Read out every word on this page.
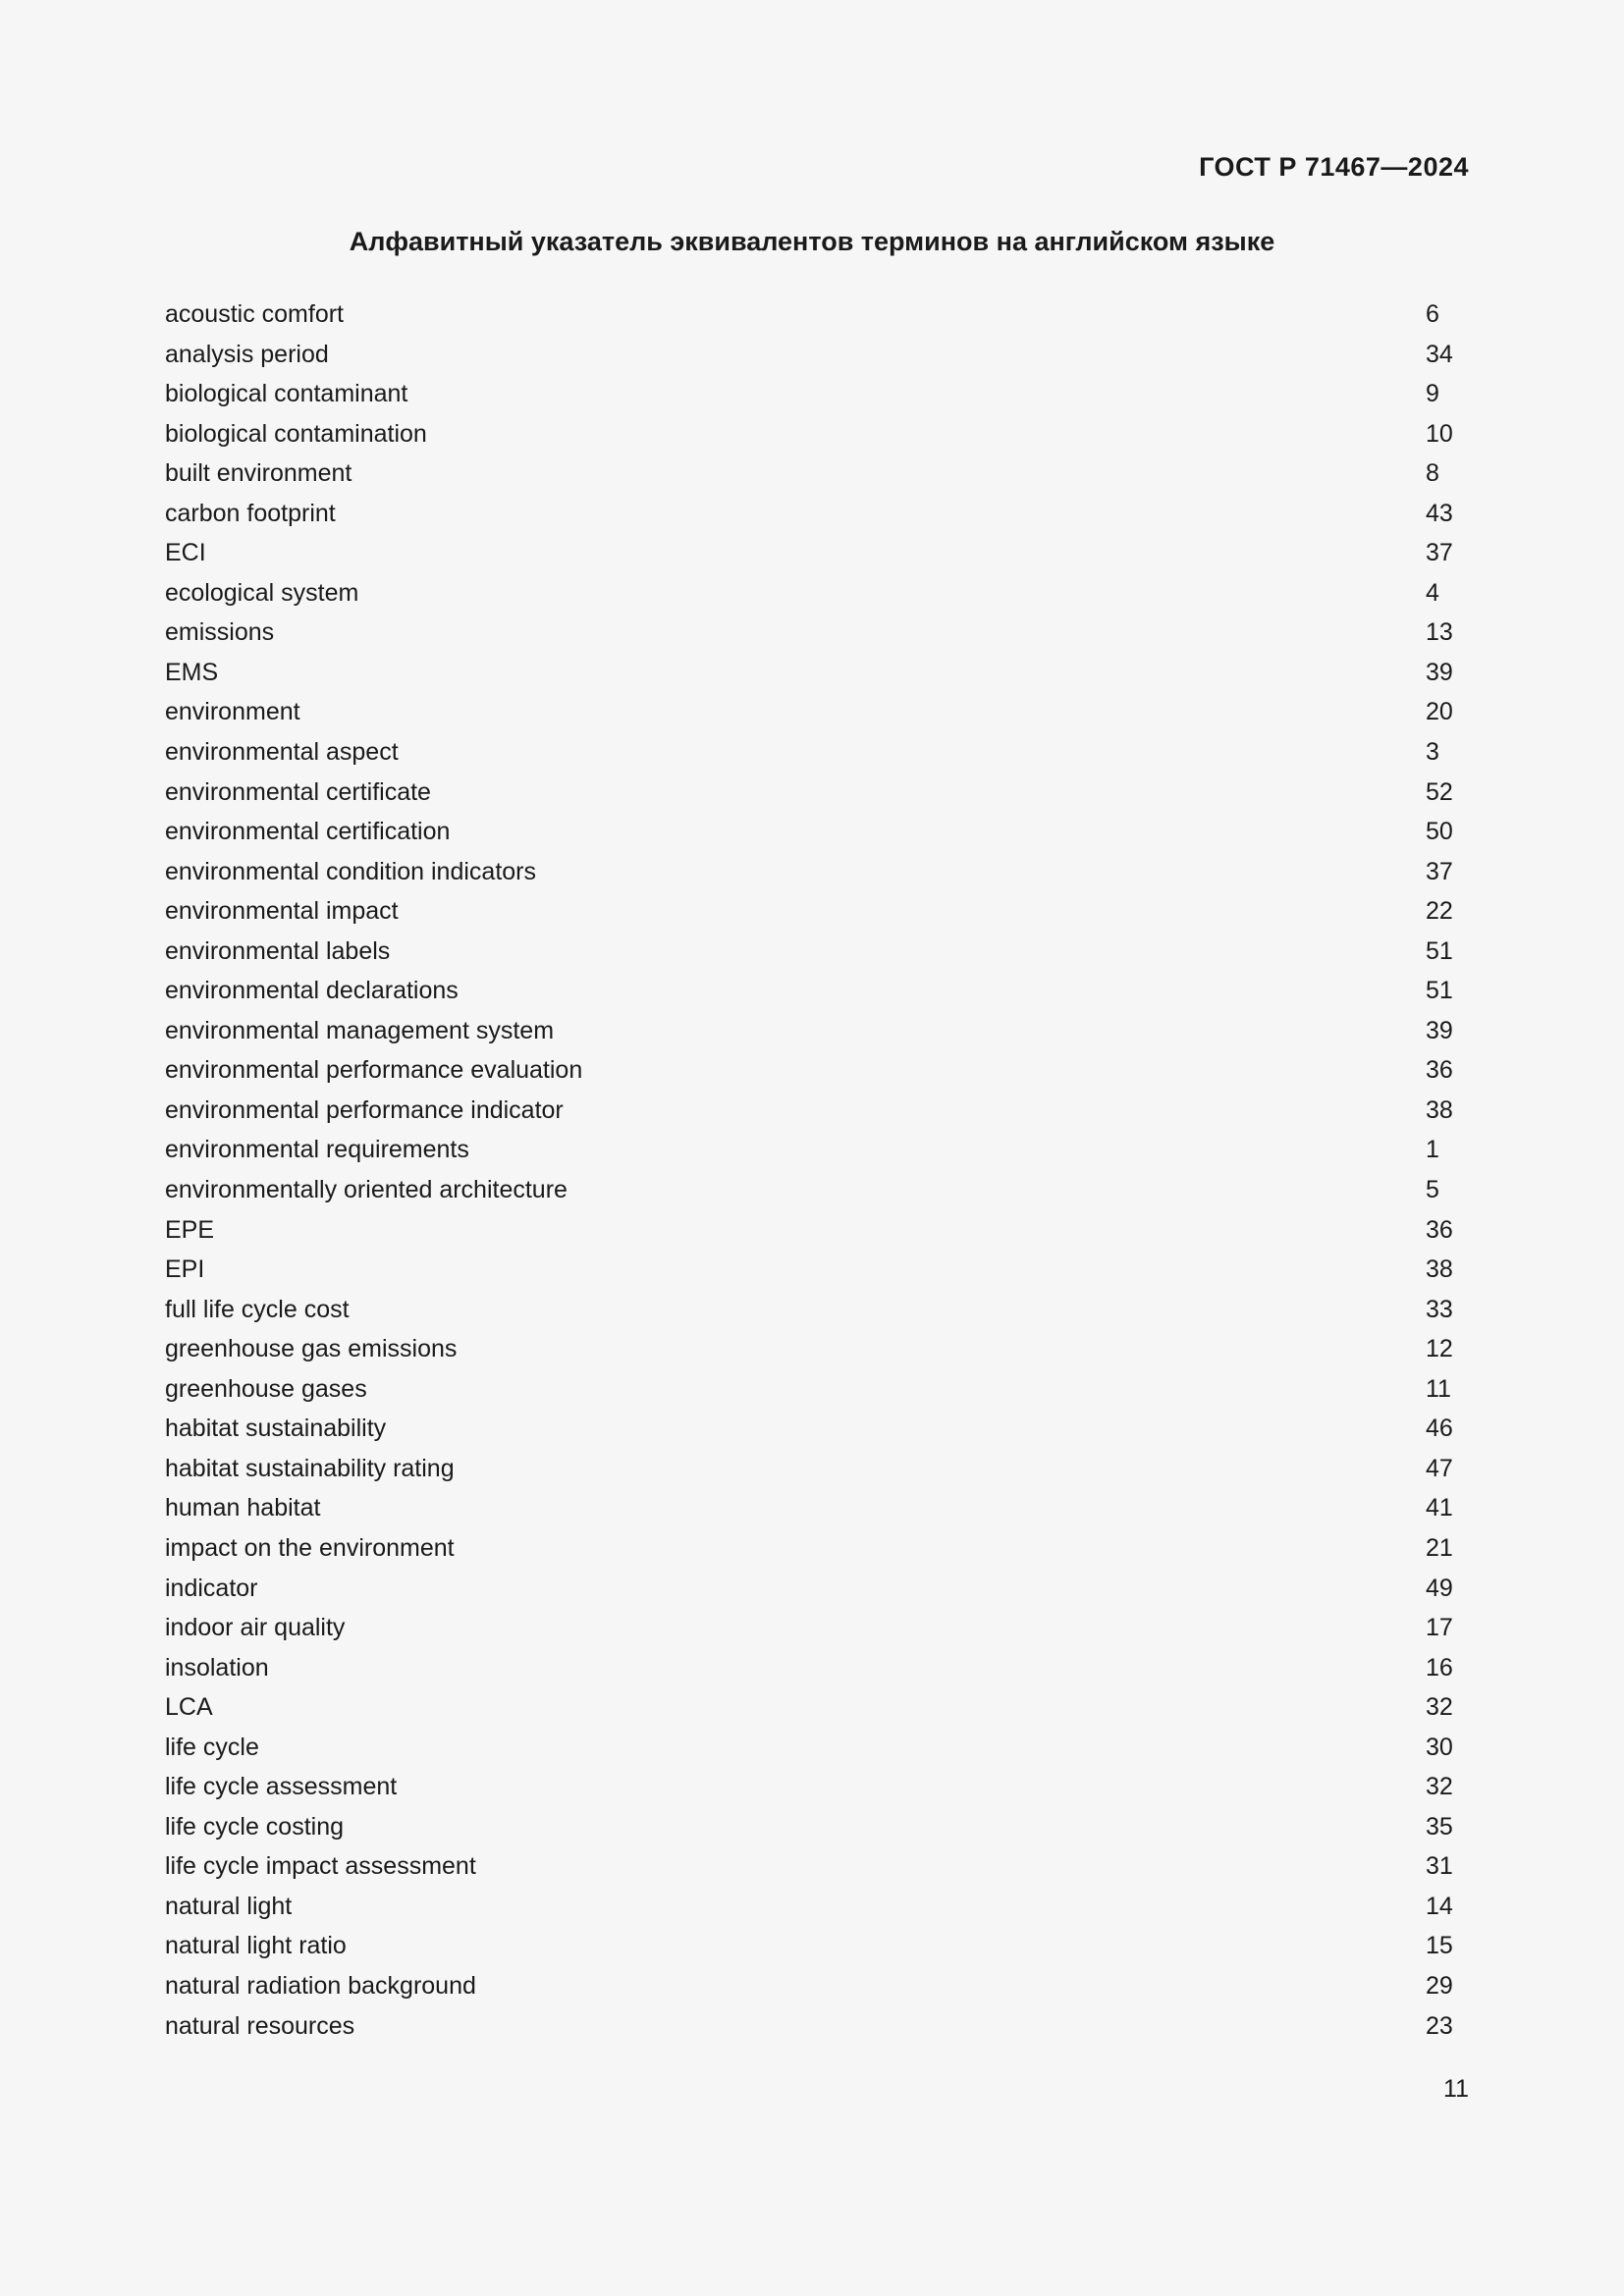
ГОСТ Р 71467—2024
Алфавитный указатель эквивалентов терминов на английском языке
acoustic comfort	6
analysis period	34
biological contaminant	9
biological contamination	10
built environment	8
carbon footprint	43
ECI	37
ecological system	4
emissions	13
EMS	39
environment	20
environmental aspect	3
environmental certificate	52
environmental certification	50
environmental condition indicators	37
environmental impact	22
environmental labels	51
environmental declarations	51
environmental management system	39
environmental performance evaluation	36
environmental performance indicator	38
environmental requirements	1
environmentally oriented architecture	5
EPE	36
EPI	38
full life cycle cost	33
greenhouse gas emissions	12
greenhouse gases	11
habitat sustainability	46
habitat sustainability rating	47
human habitat	41
impact on the environment	21
indicator	49
indoor air quality	17
insolation	16
LCA	32
life cycle	30
life cycle assessment	32
life cycle costing	35
life cycle impact assessment	31
natural light	14
natural light ratio	15
natural radiation background	29
natural resources	23
11
